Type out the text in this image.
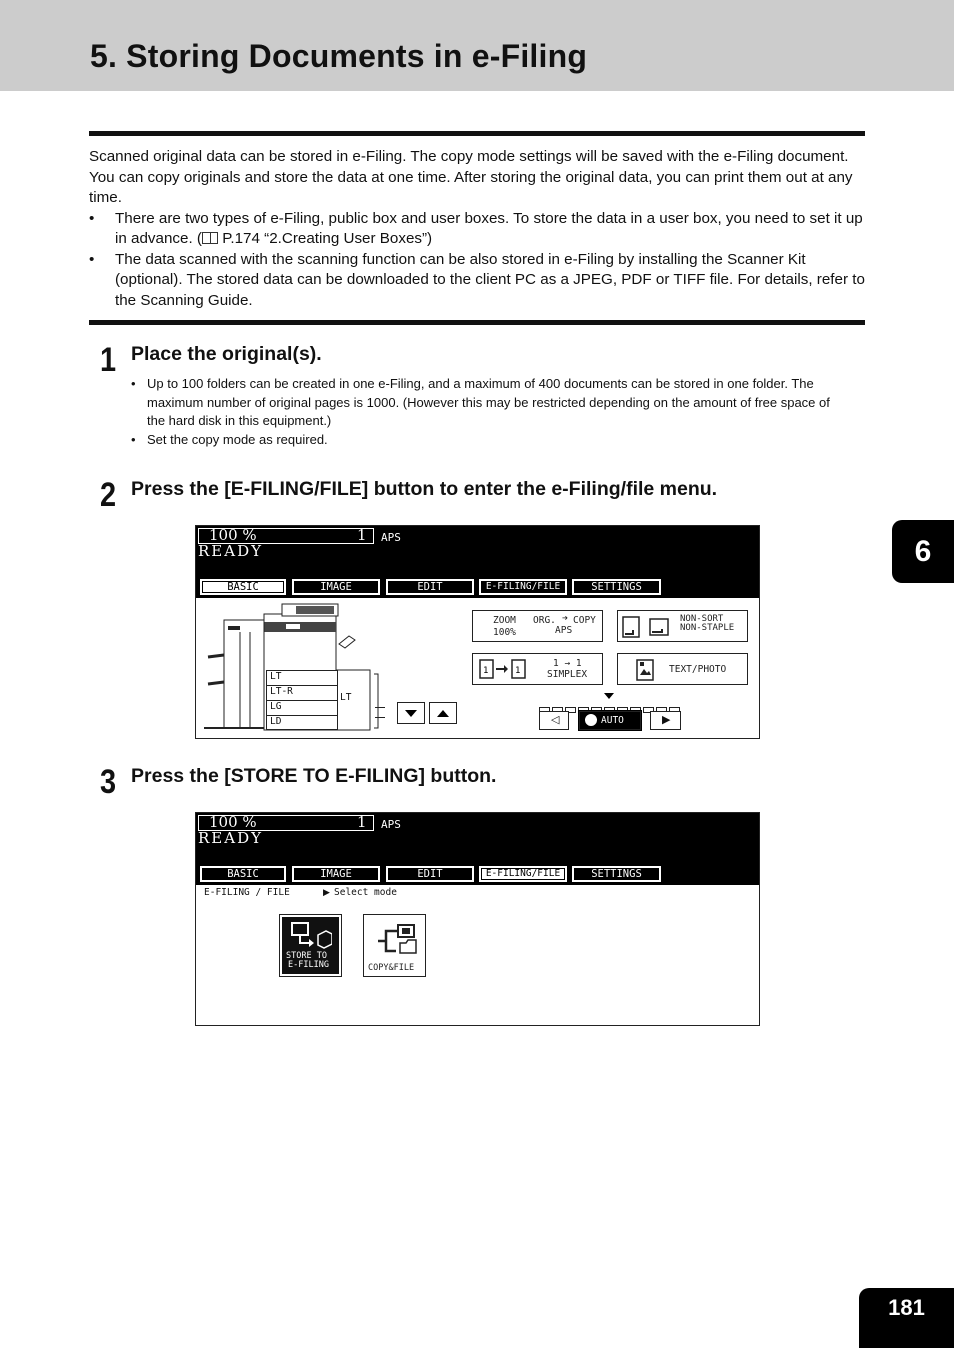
5. Storing Documents in e-Filing

Scanned original data can be stored in e-Filing. The copy mode settings will be saved with the e-Filing document. You can copy originals and store the data at one time. After storing the original data, you can print them out at any time.

• There are two types of e-Filing, public box and user boxes. To store the data in a user box, you need to set it up in advance. ( P.174 “2.Creating User Boxes”)
• The data scanned with the scanning function can be also stored in e-Filing by installing the Scanner Kit (optional). The stored data can be downloaded to the client PC as a JPEG, PDF or TIFF file. For details, refer to the Scanning Guide.
1 Place the original(s).
• Up to 100 folders can be created in one e-Filing, and a maximum of 400 documents can be stored in one folder. The maximum number of original pages is 1000. (However this may be restricted depending on the amount of free space of the hard disk in this equipment.)
• Set the copy mode as required.
2 Press the [E-FILING/FILE] button to enter the e-Filing/file menu.
100 %	1 APS
READY
BASIC	IMAGE	EDIT	E-FILING/FILE	SETTINGS
LT
LT-R
LG
LD
LT
ZOOM
100%
ORG. ➔ COPY
APS
NON-SORT
NON-STAPLE
1	1
1 → 1
SIMPLEX	TEXT/PHOTO
◁	AUTO	▶
3 Press the [STORE TO E-FILING] button.
100 %	1 APS
READY
BASIC	IMAGE	EDIT	E-FILING/FILE	SETTINGS
E-FILING / FILE	▶ Select mode
STORE TO
E-FILING	COPY&FILE
6
181
